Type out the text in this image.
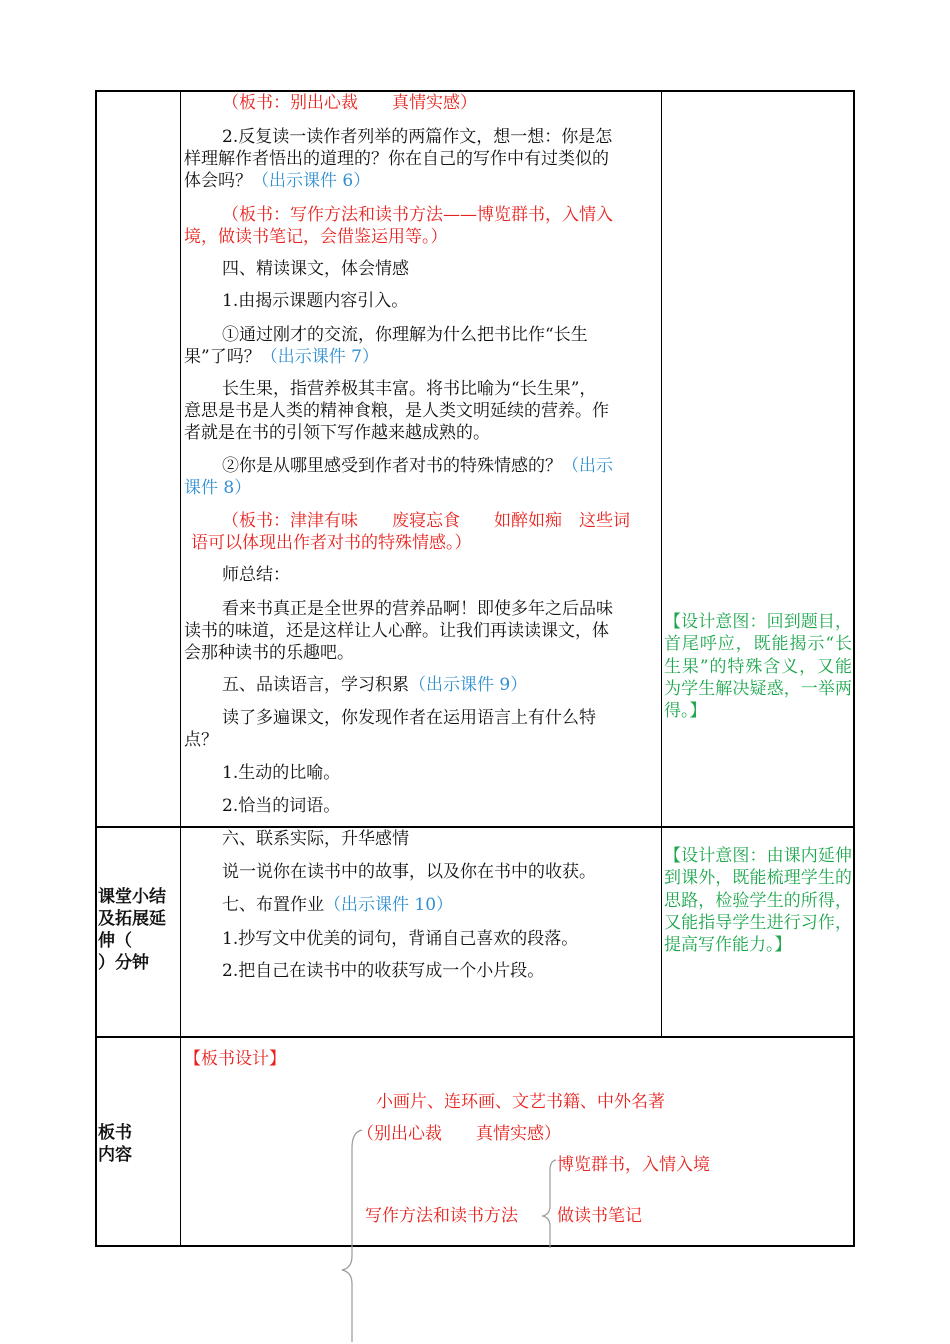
（板书：别出心裁　　真情实感）

2.反复读一读作者列举的两篇作文，想一想：你是怎

样理解作者悟出的道理的？你在自己的写作中有过类似的

体会吗？（出示课件 6）

（板书：写作方法和读书方法——博览群书，入情入

境，做读书笔记，会借鉴运用等。）

四、精读课文，体会情感

1.由揭示课题内容引入。

①通过刚才的交流，你理解为什么把书比作“长生

果”了吗？（出示课件 7）

长生果，指营养极其丰富。将书比喻为“长生果”，

意思是书是人类的精神食粮，是人类文明延续的营养。作

者就是在书的引领下写作越来越成熟的。

②你是从哪里感受到作者对书的特殊情感的？（出示

课件 8）

（板书：津津有味　　废寝忘食　　如醉如痴　这些词

语可以体现出作者对书的特殊情感。）

师总结：

看来书真正是全世界的营养品啊！即使多年之后品味

读书的味道，还是这样让人心醉。让我们再读读课文，体

会那种读书的乐趣吧。

五、品读语言，学习积累（出示课件 9）

读了多遍课文，你发现作者在运用语言上有什么特

点？

1.生动的比喻。

2.恰当的词语。

【设计意图：回到题目，首尾呼应，既能揭示“长生果”的特殊含义，又能为学生解决疑惑，一举两得。】
课堂小结
及拓展延
伸（
）分钟

六、联系实际，升华感情

说一说你在读书中的故事，以及你在书中的收获。

七、布置作业（出示课件 10）

1.抄写文中优美的词句，背诵自己喜欢的段落。

2.把自己在读书中的收获写成一个小片段。

【设计意图：由课内延伸到课外，既能梳理学生的思路，检验学生的所得，又能指导学生进行习作，提高写作能力。】
板书
内容

【板书设计】

小画片、连环画、文艺书籍、中外名著

（别出心裁　　真情实感）

博览群书，入情入境

写作方法和读书方法 做读书笔记
